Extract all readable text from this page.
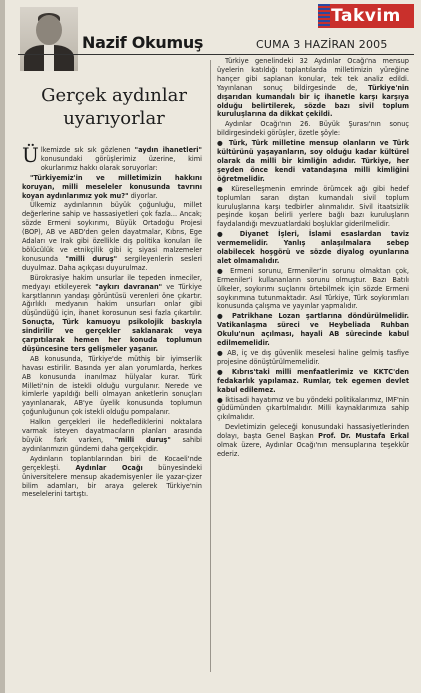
Nazif Okumuş
Takvim
CUMA 3 HAZİRAN 2005
Gerçek aydınlar
uyarıyorlar

Ülkemizde sık sık gözlenen "aydın ihanetleri" konusundaki görüşlerimiz üzerine, kimi okurlarımız hakkı olarak soruyorlar:

"Türkiyemiz'in ve milletimizin hakkını koruyan, milli meseleler konusunda tavrını koyan aydınlarımız yok mu?" diyorlar.

Ülkemiz aydınlarının büyük çoğunluğu, millet değerlerine sahip ve hassasiyetleri çok fazla... Ancak; sözde Ermeni soykırımı, Büyük Ortadoğu Projesi (BOP), AB ve ABD'den gelen dayatmalar, Kıbrıs, Ege Adaları ve Irak gibi özellikle dış politika konuları ile bölücülük ve etnikçilik gibi iç siyasi malzemeler konusunda "milli duruş" sergileyenlerin sesleri duyulmaz. Daha açıkçası duyurulmaz.

Bürokrasiye hakim unsurlar ile tepeden inmeciler, medyayı etkileyerek "aykırı davranan" ve Türkiye karşıtlarının yandaşı görüntüsü verenleri öne çıkartır. Ağırlıklı medyanın hakim unsurları onlar gibi düşündüğü için, ihanet korosunun sesi fazla çıkartılır. Sonuçta, Türk kamuoyu psikolojik baskıyla sindirilir ve gerçekler saklanarak veya çarpıtılarak hemen her konuda toplumun düşüncesine ters gelişmeler yaşanır.

AB konusunda, Türkiye'de müthiş bir iyimserlik havası estirilir. Basında yer alan yorumlarda, herkes AB konusunda inanılmaz hülyalar kurar. Türk Milleti'nin de istekli olduğu vurgulanır. Nerede ve kimlerle yapıldığı belli olmayan anketlerin sonuçları yayınlanarak, AB'ye üyelik konusunda toplumun çoğunluğunun çok istekli olduğu pompalanır.

Halkın gerçekleri ile hedeflediklerini noktalara varmak isteyen dayatmacıların planları arasında büyük fark varken, "milli duruş" sahibi aydınlarımızın gündemi daha gerçekçidir.

Aydınların toplantılarından biri de Kocaeli'nde gerçekleşti. Aydınlar Ocağı bünyesindeki üniversitelere mensup akademisyenler ile yazar-çizer bilim adamları, bir araya gelerek Türkiye'nin meselelerini tartıştı.

Türkiye genelindeki 32 Aydınlar Ocağı'na mensup üyelerin katıldığı toplantılarda milletimizin yüreğine hançer gibi saplanan konular, tek tek analiz edildi. Yayınlanan sonuç bildirgesinde de, Türkiye'nin dışarıdan kumandalı bir iç ihanetle karşı karşıya olduğu belirtilerek, sözde bazı sivil toplum kuruluşlarına da dikkat çekildi.

Aydınlar Ocağı'nın 26. Büyük Şurası'nın sonuç bildirgesindeki görüşler, özetle şöyle:

● Türk, Türk milletine mensup olanların ve Türk kültürünü yaşayanların, soy olduğu kadar kültürel olarak da milli bir kimliğin adıdır. Türkiye, her şeyden önce kendi vatandaşına milli kimliğini öğretmelidir.

● Küreselleşmenin emrinde örümcek ağı gibi hedef toplumları saran dıştan kumandalı sivil toplum kuruluşlarına karşı tedbirler alınmalıdır. Sivil itaatsizlik peşinde koşan belirli yerlere bağlı bazı kuruluşların faydalandığı mevzuatlardaki boşluklar giderilmelidir.

● Diyanet İşleri, İslami esaslardan taviz vermemelidir. Yanlış anlaşılmalara sebep olabilecek hoşgörü ve sözde diyalog oyunlarına alet olmamalıdır.

● Ermeni sorunu, Ermeniler'in sorunu olmaktan çok, Ermeniler'i kullananların sorunu olmuştur. Bazı Batılı ülkeler, soykırımı suçlarını örtebilmek için sözde Ermeni soykırımına tutunmaktadır. Asıl Türkiye, Türk soykırımları konusunda çalışma ve yayınlar yapmalıdır.

● Patrikhane Lozan şartlarına döndürülmelidir. Vatikanlaşma süreci ve Heybeliada Ruhban Okulu'nun açılması, hayali AB sürecinde kabul edilmemelidir.

● AB, iç ve dış güvenlik meselesi haline gelmiş tasfiye projesine dönüştürülmemelidir.

● Kıbrıs'taki milli menfaatlerimiz ve KKTC'den fedakarlık yapılamaz. Rumlar, tek egemen devlet kabul edilemez.

● İktisadi hayatımız ve bu yöndeki politikalarımız, IMF'nin güdümünden çıkartılmalıdır. Milli kaynaklarımıza sahip çıkılmalıdır.

Devletimizin geleceği konusundaki hassasiyetlerinden dolayı, başta Genel Başkan Prof. Dr. Mustafa Erkal olmak üzere, Aydınlar Ocağı'nın mensuplarına teşekkür ederiz.
